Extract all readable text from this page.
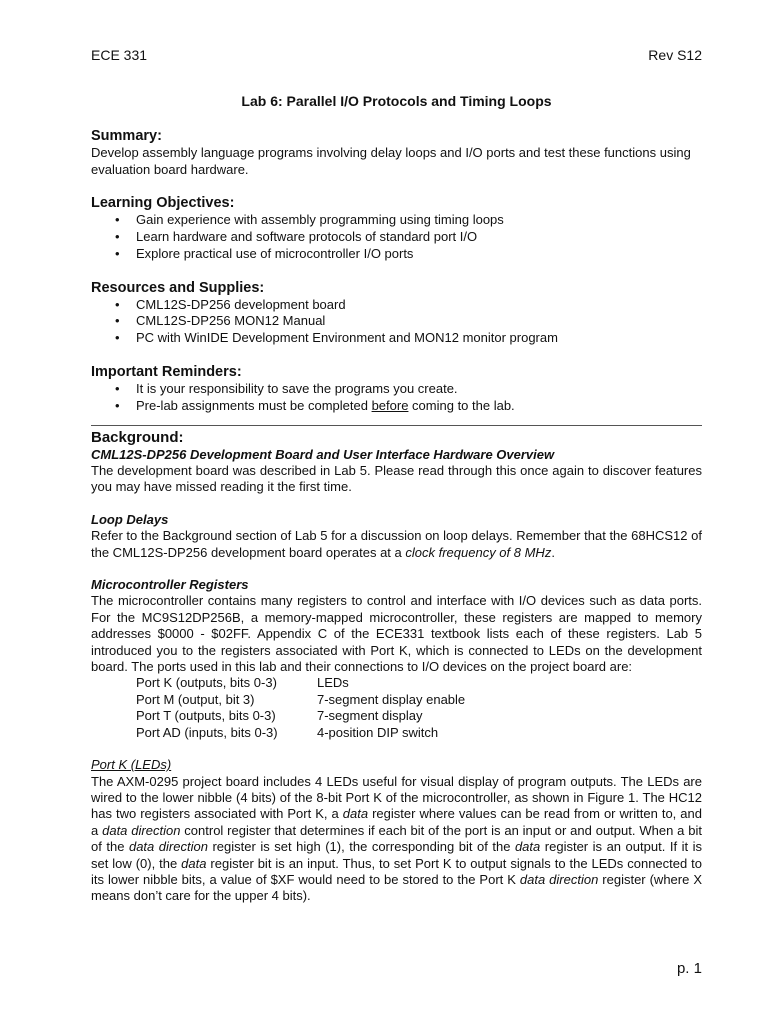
ECE 331	Rev S12
Lab 6: Parallel I/O Protocols and Timing Loops
Summary:

Develop assembly language programs involving delay loops and I/O ports and test these functions using evaluation board hardware.

Learning Objectives:
• Gain experience with assembly programming using timing loops
• Learn hardware and software protocols of standard port I/O
• Explore practical use of microcontroller I/O ports
Resources and Supplies:
• CML12S-DP256 development board
• CML12S-DP256 MON12 Manual
• PC with WinIDE Development Environment and MON12 monitor program
Important Reminders:
• It is your responsibility to save the programs you create.
• Pre-lab assignments must be completed before coming to the lab.
Background:
CML12S-DP256 Development Board and User Interface Hardware Overview

The development board was described in Lab 5. Please read through this once again to discover features you may have missed reading it the first time.

Loop Delays

Refer to the Background section of Lab 5 for a discussion on loop delays. Remember that the 68HCS12 of the CML12S-DP256 development board operates at a clock frequency of 8 MHz.

Microcontroller Registers

The microcontroller contains many registers to control and interface with I/O devices such as data ports. For the MC9S12DP256B, a memory-mapped microcontroller, these registers are mapped to memory addresses $0000 - $02FF. Appendix C of the ECE331 textbook lists each of these registers. Lab 5 introduced you to the registers associated with Port K, which is connected to LEDs on the development board. The ports used in this lab and their connections to I/O devices on the project board are:

Port K (outputs, bits 0-3)	LEDs
Port M (output, bit 3)	7-segment display enable
Port T (outputs, bits 0-3)	7-segment display
Port AD (inputs, bits 0-3)	4-position DIP switch
Port K (LEDs)

The AXM-0295 project board includes 4 LEDs useful for visual display of program outputs. The LEDs are wired to the lower nibble (4 bits) of the 8-bit Port K of the microcontroller, as shown in Figure 1. The HC12 has two registers associated with Port K, a data register where values can be read from or written to, and a data direction control register that determines if each bit of the port is an input or and output. When a bit of the data direction register is set high (1), the corresponding bit of the data register is an output. If it is set low (0), the data register bit is an input. Thus, to set Port K to output signals to the LEDs connected to its lower nibble bits, a value of $XF would need to be stored to the Port K data direction register (where X means don’t care for the upper 4 bits).

p. 1
